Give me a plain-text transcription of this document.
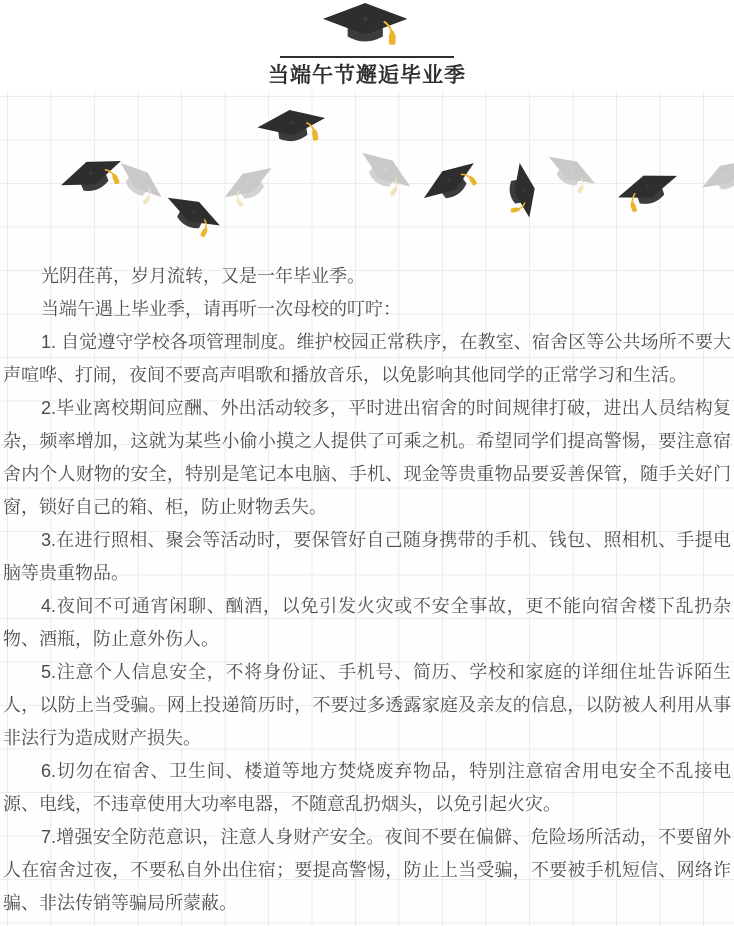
当端午节邂逅毕业季

光阴荏苒，岁月流转，又是一年毕业季。

当端午遇上毕业季，请再听一次母校的叮咛：

1. 自觉遵守学校各项管理制度。维护校园正常秩序，在教室、宿舍区等公共场所不要大声喧哗、打闹，夜间不要高声唱歌和播放音乐，以免影响其他同学的正常学习和生活。

2.毕业离校期间应酬、外出活动较多，平时进出宿舍的时间规律打破，进出人员结构复杂，频率增加，这就为某些小偷小摸之人提供了可乘之机。希望同学们提高警惕，要注意宿舍内个人财物的安全，特别是笔记本电脑、手机、现金等贵重物品要妥善保管，随手关好门窗，锁好自己的箱、柜，防止财物丢失。

3.在进行照相、聚会等活动时，要保管好自己随身携带的手机、钱包、照相机、手提电脑等贵重物品。

4.夜间不可通宵闲聊、酗酒，以免引发火灾或不安全事故，更不能向宿舍楼下乱扔杂物、酒瓶，防止意外伤人。

5.注意个人信息安全，不将身份证、手机号、简历、学校和家庭的详细住址告诉陌生人，以防上当受骗。网上投递简历时，不要过多透露家庭及亲友的信息，以防被人利用从事非法行为造成财产损失。

6.切勿在宿舍、卫生间、楼道等地方焚烧废弃物品，特别注意宿舍用电安全不乱接电源、电线，不违章使用大功率电器，不随意乱扔烟头，以免引起火灾。

7.增强安全防范意识，注意人身财产安全。夜间不要在偏僻、危险场所活动，不要留外人在宿舍过夜，不要私自外出住宿；要提高警惕，防止上当受骗，不要被手机短信、网络诈骗、非法传销等骗局所蒙蔽。
